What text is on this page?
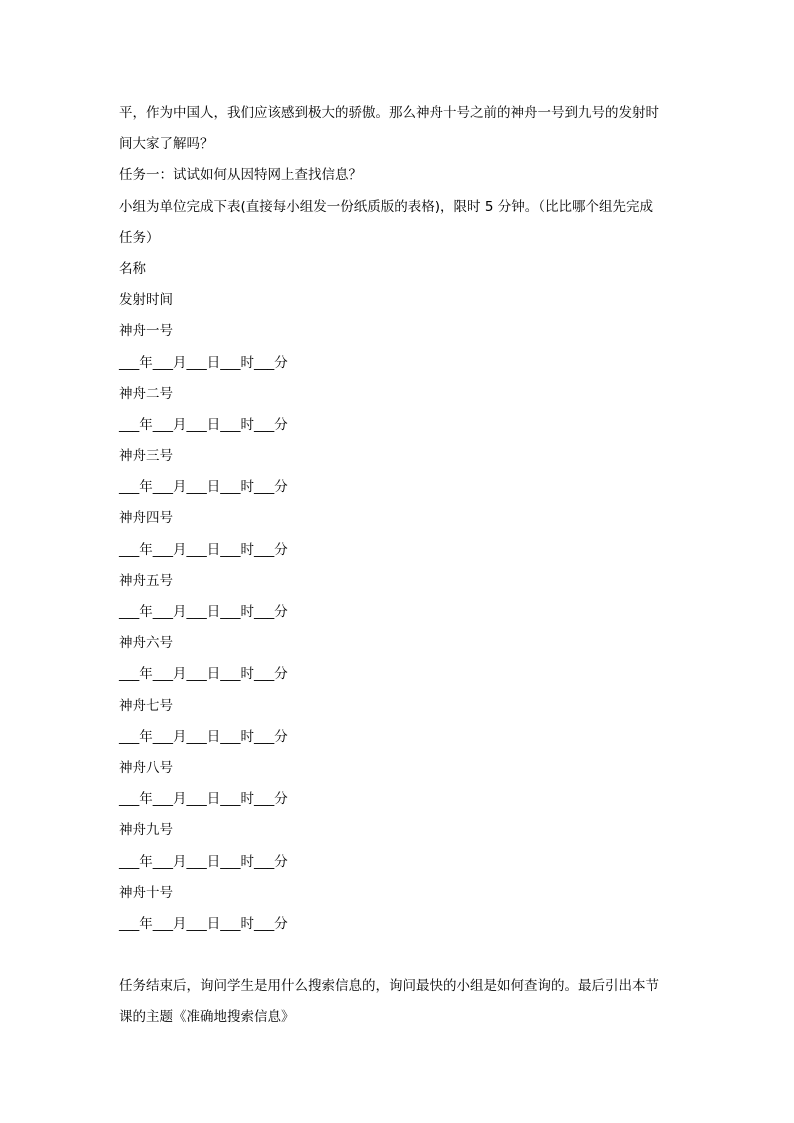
平，作为中国人，我们应该感到极大的骄傲。那么神舟十号之前的神舟一号到九号的发射时
间大家了解吗？
任务一：试试如何从因特网上查找信息？
小组为单位完成下表(直接每小组发一份纸质版的表格)，限时 5 分钟。（比比哪个组先完成
任务）
名称
发射时间
神舟一号
___年___月___日___时___分
神舟二号
___年___月___日___时___分
神舟三号
___年___月___日___时___分
神舟四号
___年___月___日___时___分
神舟五号
___年___月___日___时___分
神舟六号
___年___月___日___时___分
神舟七号
___年___月___日___时___分
神舟八号
___年___月___日___时___分
神舟九号
___年___月___日___时___分
神舟十号
___年___月___日___时___分
任务结束后，询问学生是用什么搜索信息的，询问最快的小组是如何查询的。最后引出本节
课的主题《准确地搜索信息》
